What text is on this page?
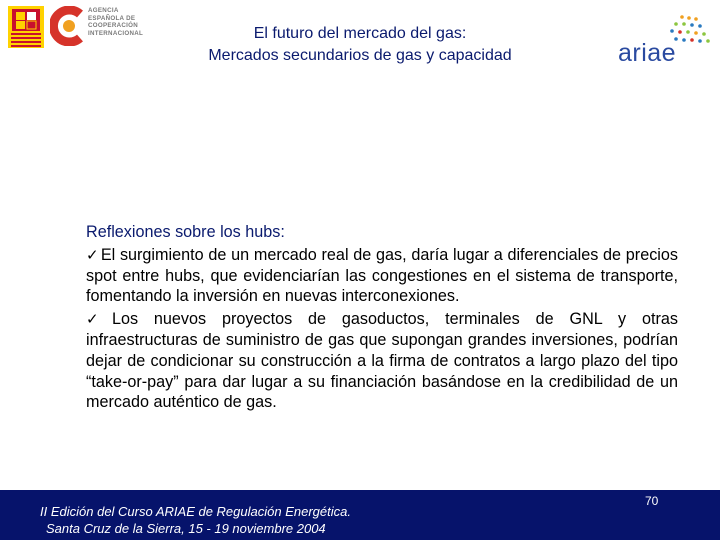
AGENCIA
ESPAÑOLA DE
COOPERACIÓN
INTERNACIONAL	El futuro del mercado del gas:
Mercados secundarios de gas y capacidad	ariae
Reflexiones sobre los hubs:
✓ El surgimiento de un mercado real de gas, daría lugar a diferenciales de precios spot entre hubs, que evidenciarían las congestiones en el sistema de transporte, fomentando la inversión en nuevas interconexiones.
✓ Los nuevos proyectos de gasoductos, terminales de GNL y otras infraestructuras de suministro de gas que supongan grandes inversiones, podrían dejar de condicionar su construcción a la firma de contratos a largo plazo del tipo “take-or-pay” para dar lugar a su financiación basándose en la credibilidad de un mercado auténtico de gas.
II Edición del Curso ARIAE de Regulación Energética.
Santa Cruz de la Sierra, 15 - 19 noviembre 2004
70
